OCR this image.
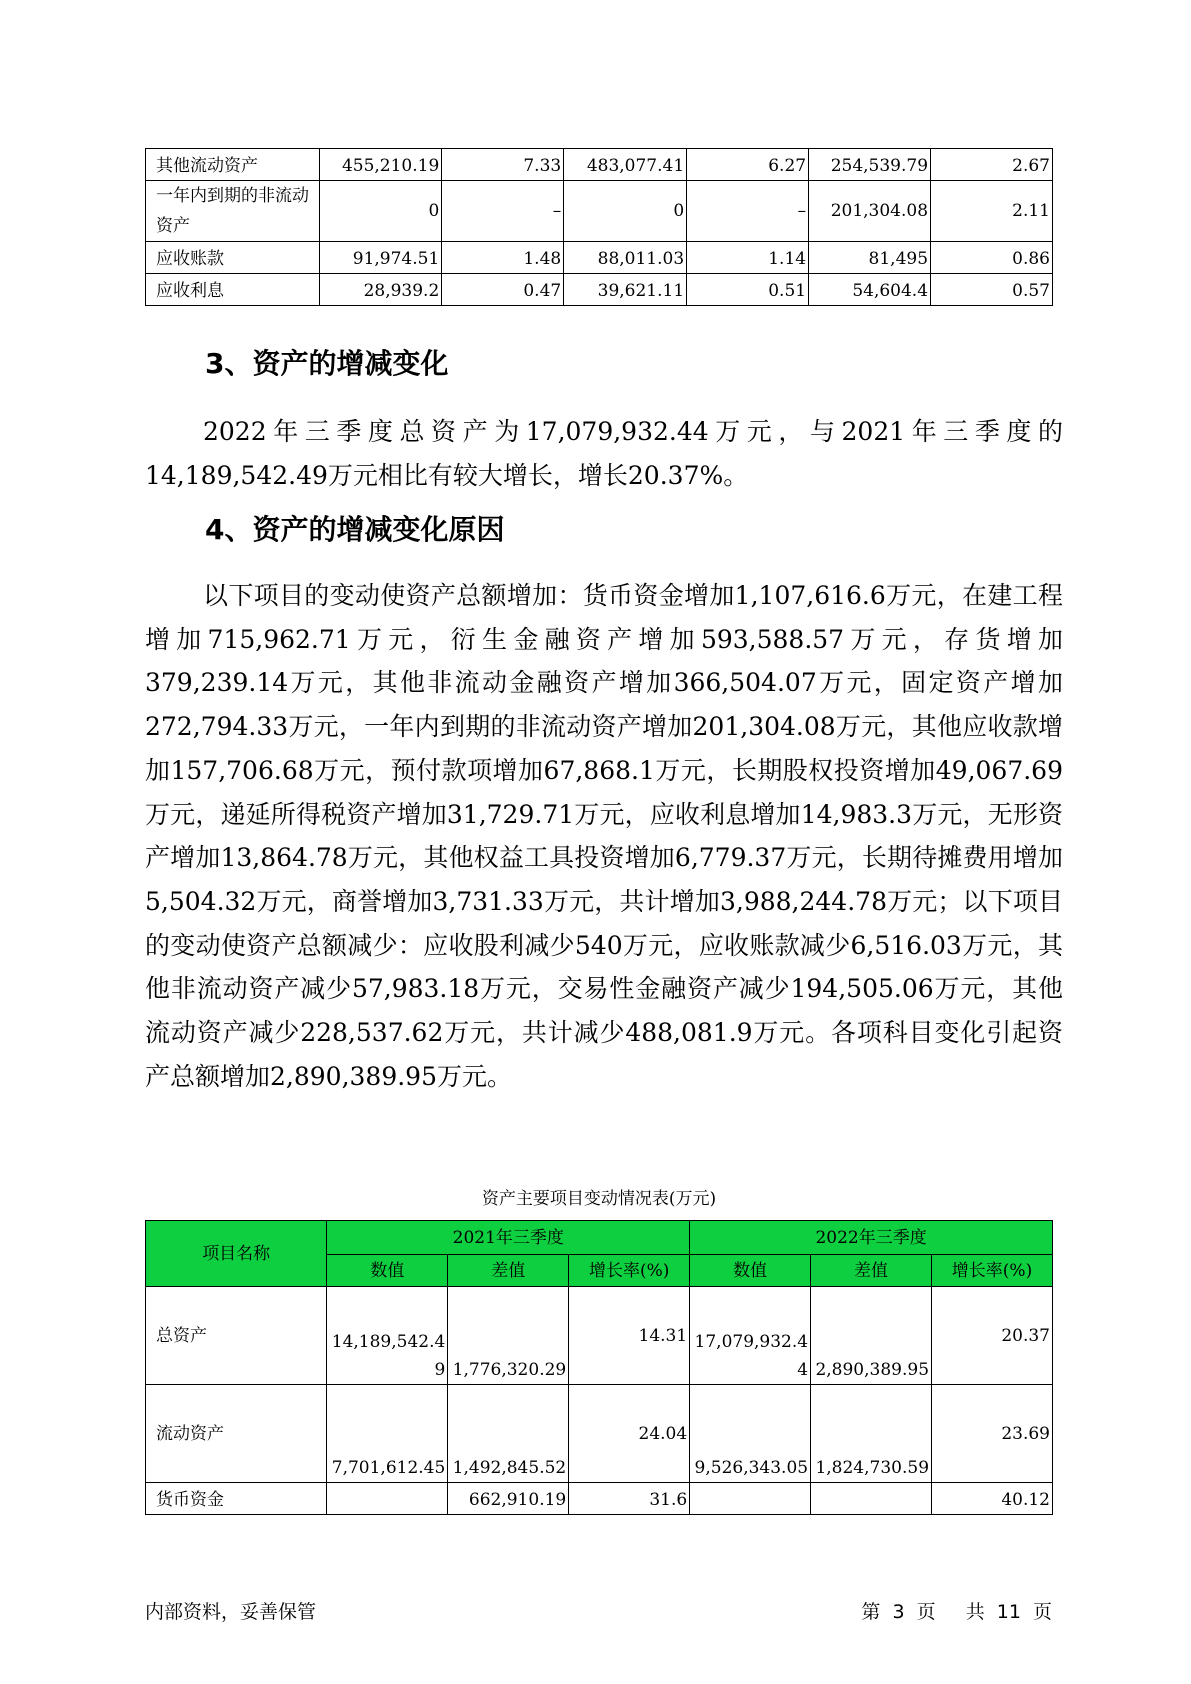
其他流动资产	455,210.19	7.33	483,077.41	6.27	254,539.79	2.67
一年内到期的非流动资产	0	–	0	–	201,304.08	2.11
应收账款	91,974.51	1.48	88,011.03	1.14	81,495	0.86
应收利息	28,939.2	0.47	39,621.11	0.51	54,604.4	0.57
3、资产的增减变化

2022年三季度总资产为17,079,932.44万元，与2021年三季度的14,189,542.49万元相比有较大增长，增长20.37%。

4、资产的增减变化原因

以下项目的变动使资产总额增加：货币资金增加1,107,616.6万元，在建工程增加715,962.71万元，衍生金融资产增加593,588.57万元，存货增加379,239.14万元，其他非流动金融资产增加366,504.07万元，固定资产增加272,794.33万元，一年内到期的非流动资产增加201,304.08万元，其他应收款增加157,706.68万元，预付款项增加67,868.1万元，长期股权投资增加49,067.69万元，递延所得税资产增加31,729.71万元，应收利息增加14,983.3万元，无形资产增加13,864.78万元，其他权益工具投资增加6,779.37万元，长期待摊费用增加5,504.32万元，商誉增加3,731.33万元，共计增加3,988,244.78万元；以下项目的变动使资产总额减少：应收股利减少540万元，应收账款减少6,516.03万元，其他非流动资产减少57,983.18万元，交易性金融资产减少194,505.06万元，其他流动资产减少228,537.62万元，共计减少488,081.9万元。各项科目变化引起资产总额增加2,890,389.95万元。

资产主要项目变动情况表(万元)
项目名称	2021年三季度			2022年三季度		
	数值	差值	增长率(%)	数值	差值	增长率(%)
总资产	14,189,542.49	1,776,320.29	14.31	17,079,932.44	2,890,389.95	20.37
流动资产	7,701,612.45	1,492,845.52	24.04	9,526,343.05	1,824,730.59	23.69
货币资金		662,910.19	31.6			40.12
内部资料，妥善保管	第 3 页 共 11 页
